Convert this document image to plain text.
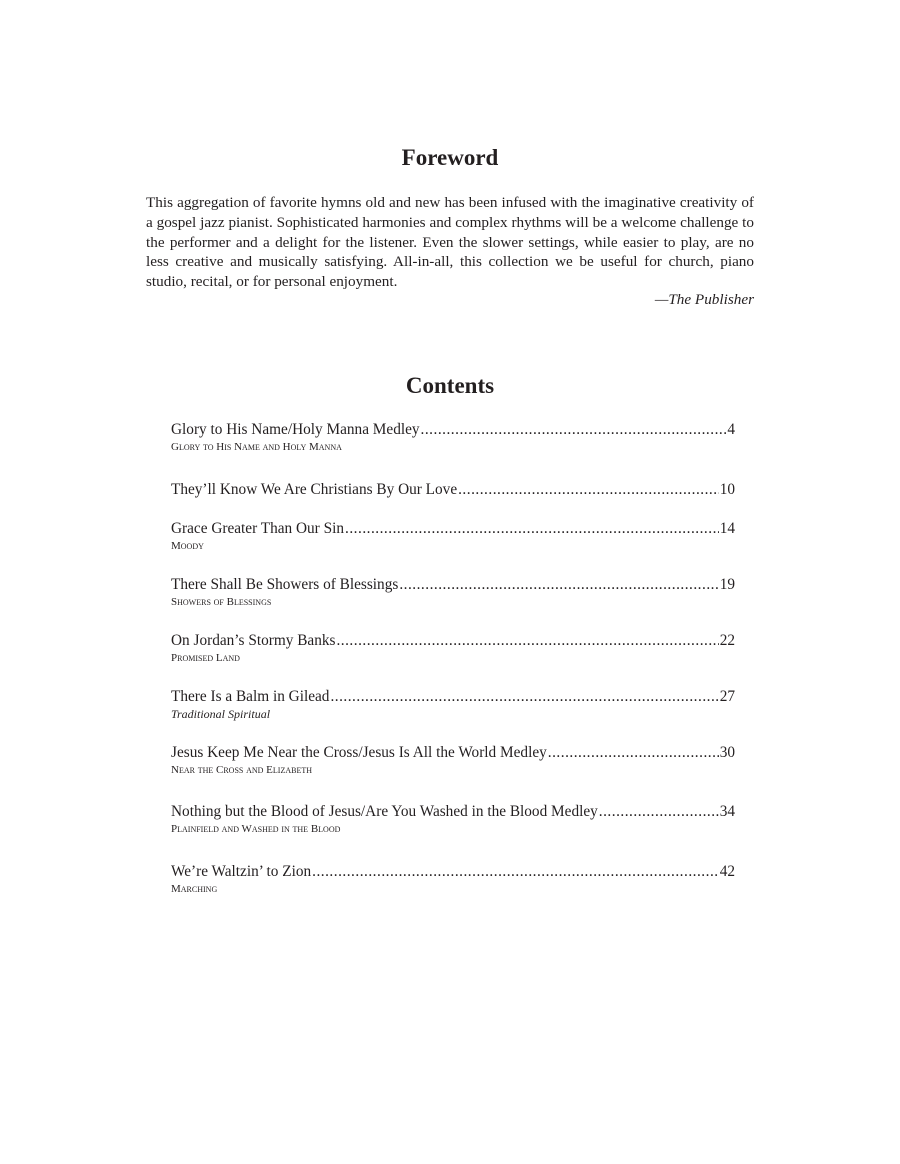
Foreword

This aggregation of favorite hymns old and new has been infused with the imaginative creativity of a gospel jazz pianist. Sophisticated harmonies and complex rhythms will be a welcome challenge to the performer and a delight for the listener. Even the slower settings, while easier to play, are no less creative and musically satisfying. All-in-all, this collection we be useful for church, piano studio, recital, or for personal enjoyment.

—The Publisher

Contents
Glory to His Name/Holy Manna Medley .....	4
Glory to His Name and Holy Manna
They’ll Know We Are Christians By Our Love .....	10
Grace Greater Than Our Sin .....	14
Moody
There Shall Be Showers of Blessings .....	19
Showers of Blessings
On Jordan’s Stormy Banks .....	22
Promised Land
There Is a Balm in Gilead .....	27
Traditional Spiritual
Jesus Keep Me Near the Cross/Jesus Is All the World Medley .....	30
Near the Cross and Elizabeth
Nothing but the Blood of Jesus/Are You Washed in the Blood Medley .....	34
Plainfield and Washed in the Blood
We’re Waltzin’ to Zion .....	42
Marching
